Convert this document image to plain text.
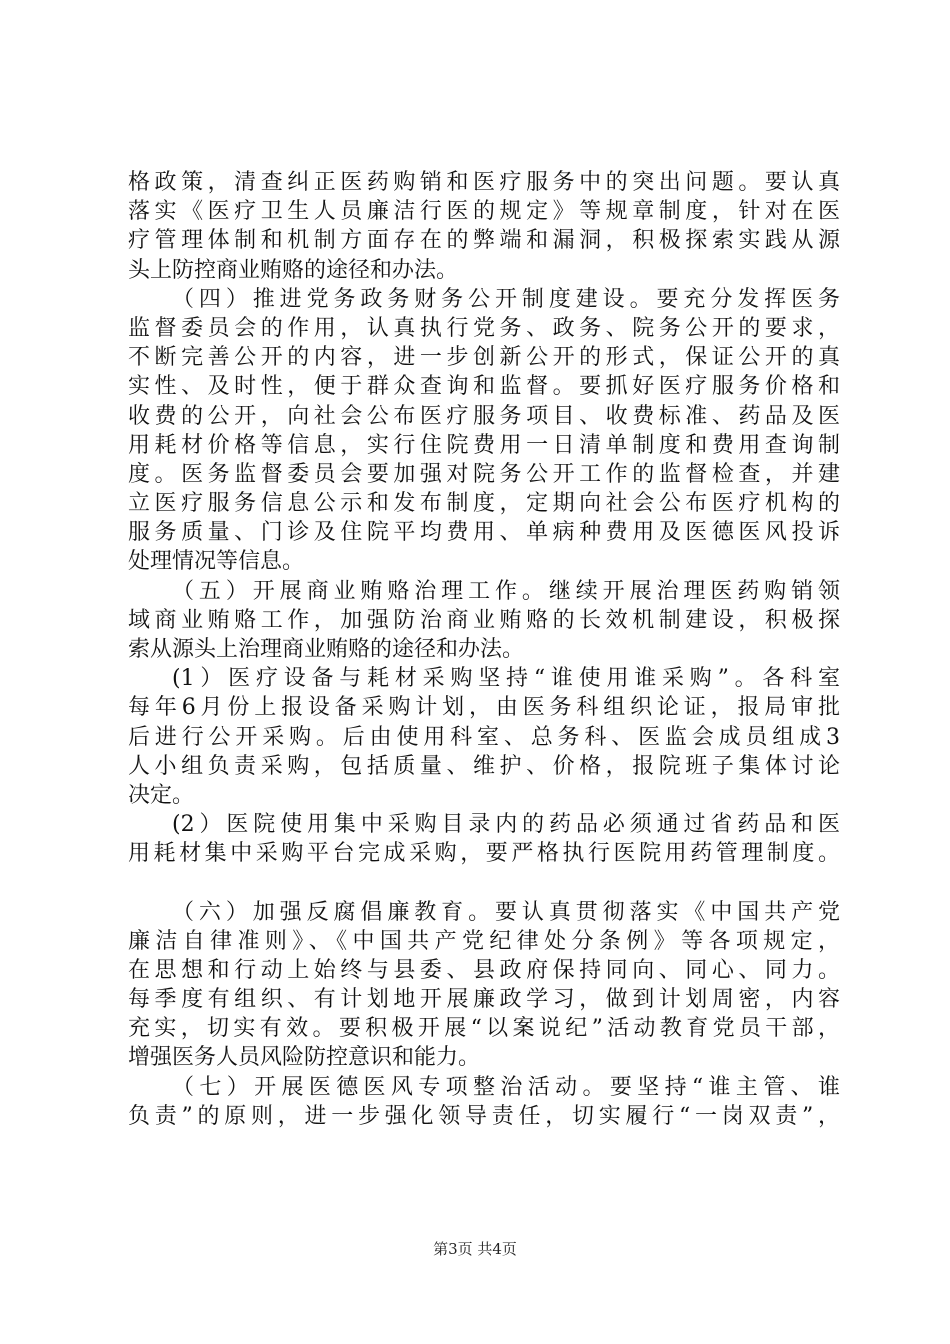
格政策，清查纠正医药购销和医疗服务中的突出问题。要认真
落实《医疗卫生人员廉洁行医的规定》等规章制度，针对在医
疗管理体制和机制方面存在的弊端和漏洞，积极探索实践从源
头上防控商业贿赂的途径和办法。
（四）推进党务政务财务公开制度建设。要充分发挥医务
监督委员会的作用，认真执行党务、政务、院务公开的要求，
不断完善公开的内容，进一步创新公开的形式，保证公开的真
实性、及时性，便于群众查询和监督。要抓好医疗服务价格和
收费的公开，向社会公布医疗服务项目、收费标准、药品及医
用耗材价格等信息，实行住院费用一日清单制度和费用查询制
度。医务监督委员会要加强对院务公开工作的监督检查，并建
立医疗服务信息公示和发布制度，定期向社会公布医疗机构的
服务质量、门诊及住院平均费用、单病种费用及医德医风投诉
处理情况等信息。
（五）开展商业贿赂治理工作。继续开展治理医药购销领
域商业贿赂工作，加强防治商业贿赂的长效机制建设，积极探
索从源头上治理商业贿赂的途径和办法。
(1）医疗设备与耗材采购坚持“谁使用谁采购”。各科室
每年6月份上报设备采购计划，由医务科组织论证，报局审批
后进行公开采购。后由使用科室、总务科、医监会成员组成3
人小组负责采购，包括质量、维护、价格，报院班子集体讨论
决定。
(2）医院使用集中采购目录内的药品必须通过省药品和医
用耗材集中采购平台完成采购，要严格执行医院用药管理制度。
（六）加强反腐倡廉教育。要认真贯彻落实《中国共产党
廉洁自律准则》、《中国共产党纪律处分条例》等各项规定，
在思想和行动上始终与县委、县政府保持同向、同心、同力。
每季度有组织、有计划地开展廉政学习，做到计划周密，内容
充实，切实有效。要积极开展“以案说纪”活动教育党员干部，
增强医务人员风险防控意识和能力。
（七）开展医德医风专项整治活动。要坚持“谁主管、谁
负责”的原则，进一步强化领导责任，切实履行“一岗双责”，
第3页 共4页
